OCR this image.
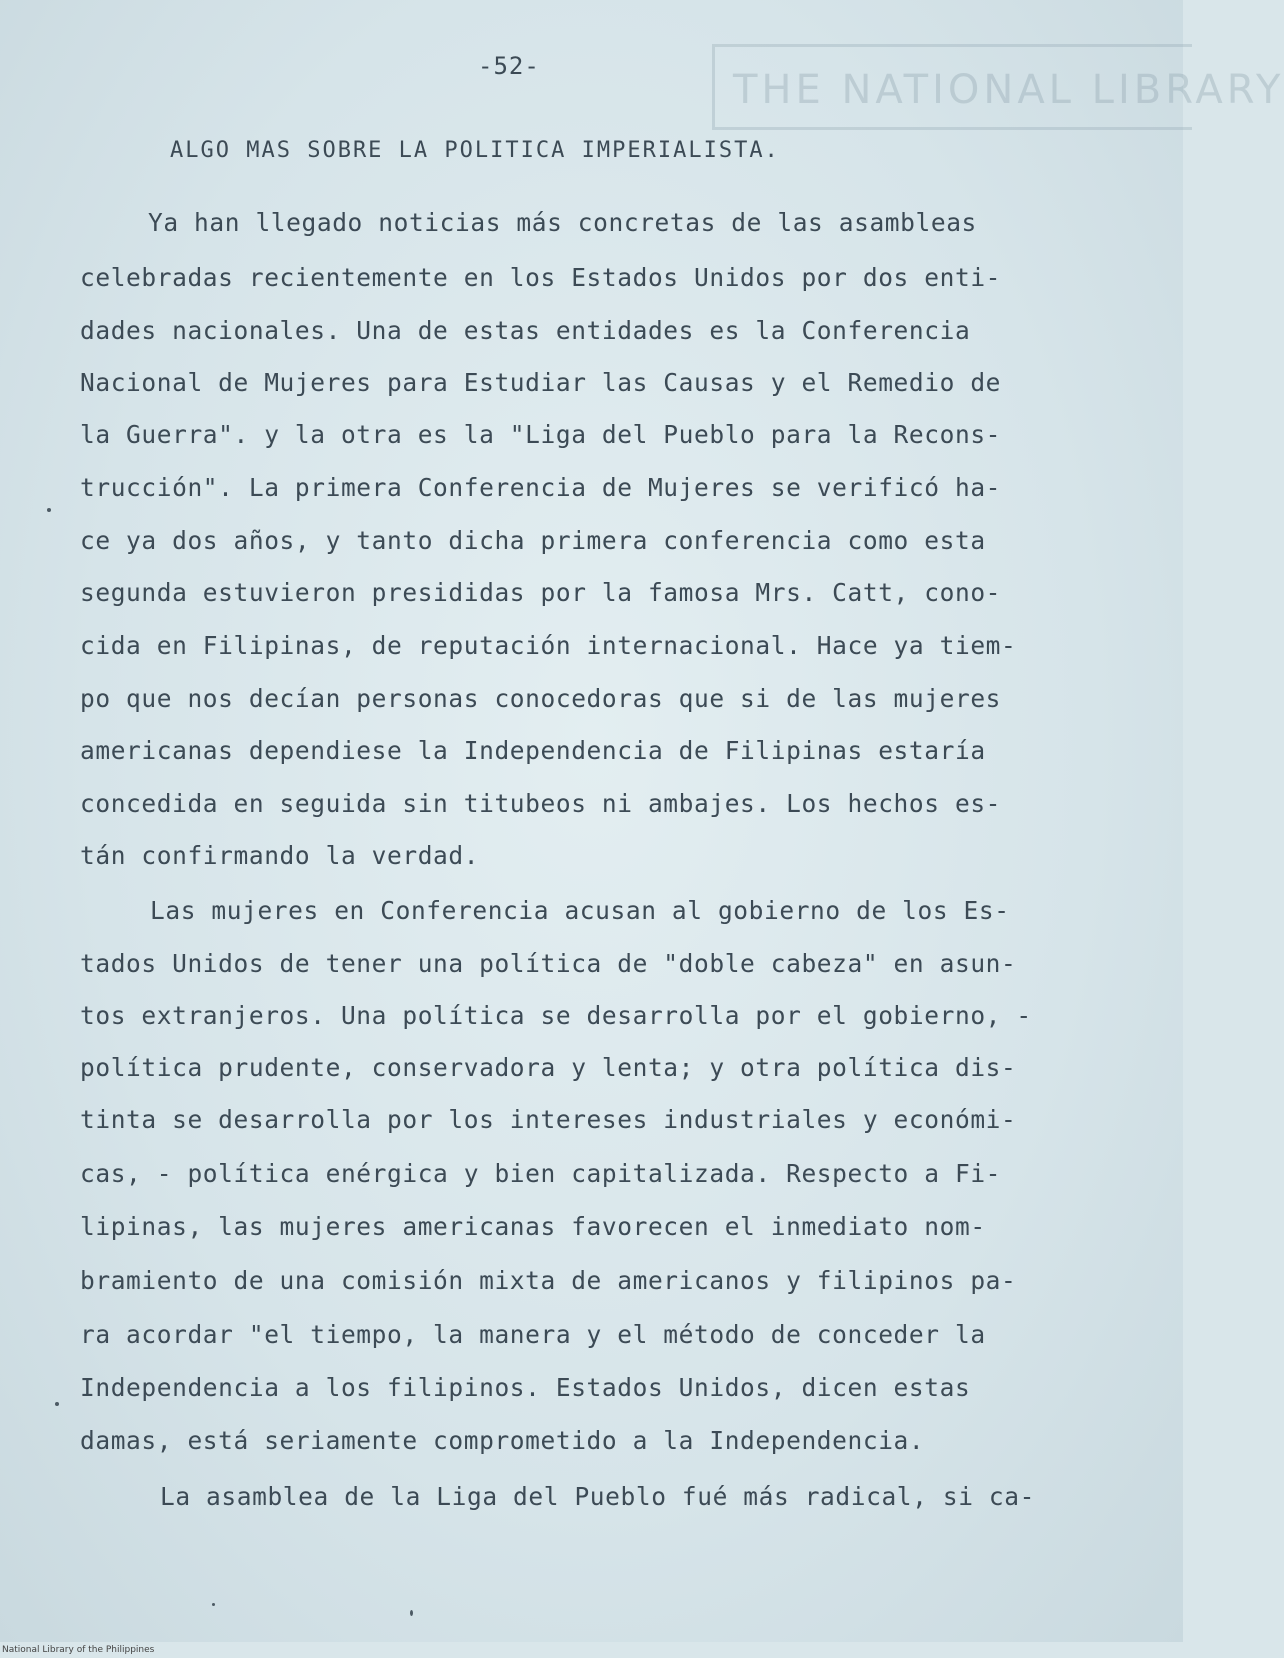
THE NATIONAL LIBRARY
-52-
ALGO MAS SOBRE LA POLITICA IMPERIALISTA.
Ya han llegado noticias más concretas de las asambleas
celebradas recientemente en los Estados Unidos por dos enti-
dades nacionales. Una de estas entidades es la Conferencia
Nacional de Mujeres para Estudiar las Causas y el Remedio de
la Guerra". y la otra es la "Liga del Pueblo para la Recons-
trucción". La primera Conferencia de Mujeres se verificó ha-
ce ya dos años, y tanto dicha primera conferencia como esta
segunda estuvieron presididas por la famosa Mrs. Catt, cono-
cida en Filipinas, de reputación internacional. Hace ya tiem-
po que nos decían personas conocedoras que si de las mujeres
americanas dependiese la Independencia de Filipinas estaría
concedida en seguida sin titubeos ni ambajes. Los hechos es-
tán confirmando la verdad.
Las mujeres en Conferencia acusan al gobierno de los Es-
tados Unidos de tener una política de "doble cabeza" en asun-
tos extranjeros. Una política se desarrolla por el gobierno, -
política prudente, conservadora y lenta; y otra política dis-
tinta se desarrolla por los intereses industriales y económi-
cas, - política enérgica y bien capitalizada. Respecto a Fi-
lipinas, las mujeres americanas favorecen el inmediato nom-
bramiento de una comisión mixta de americanos y filipinos pa-
ra acordar "el tiempo, la manera y el método de conceder la
Independencia a los filipinos. Estados Unidos, dicen estas
damas, está seriamente comprometido a la Independencia.
La asamblea de la Liga del Pueblo fué más radical, si ca-
National Library of the Philippines
